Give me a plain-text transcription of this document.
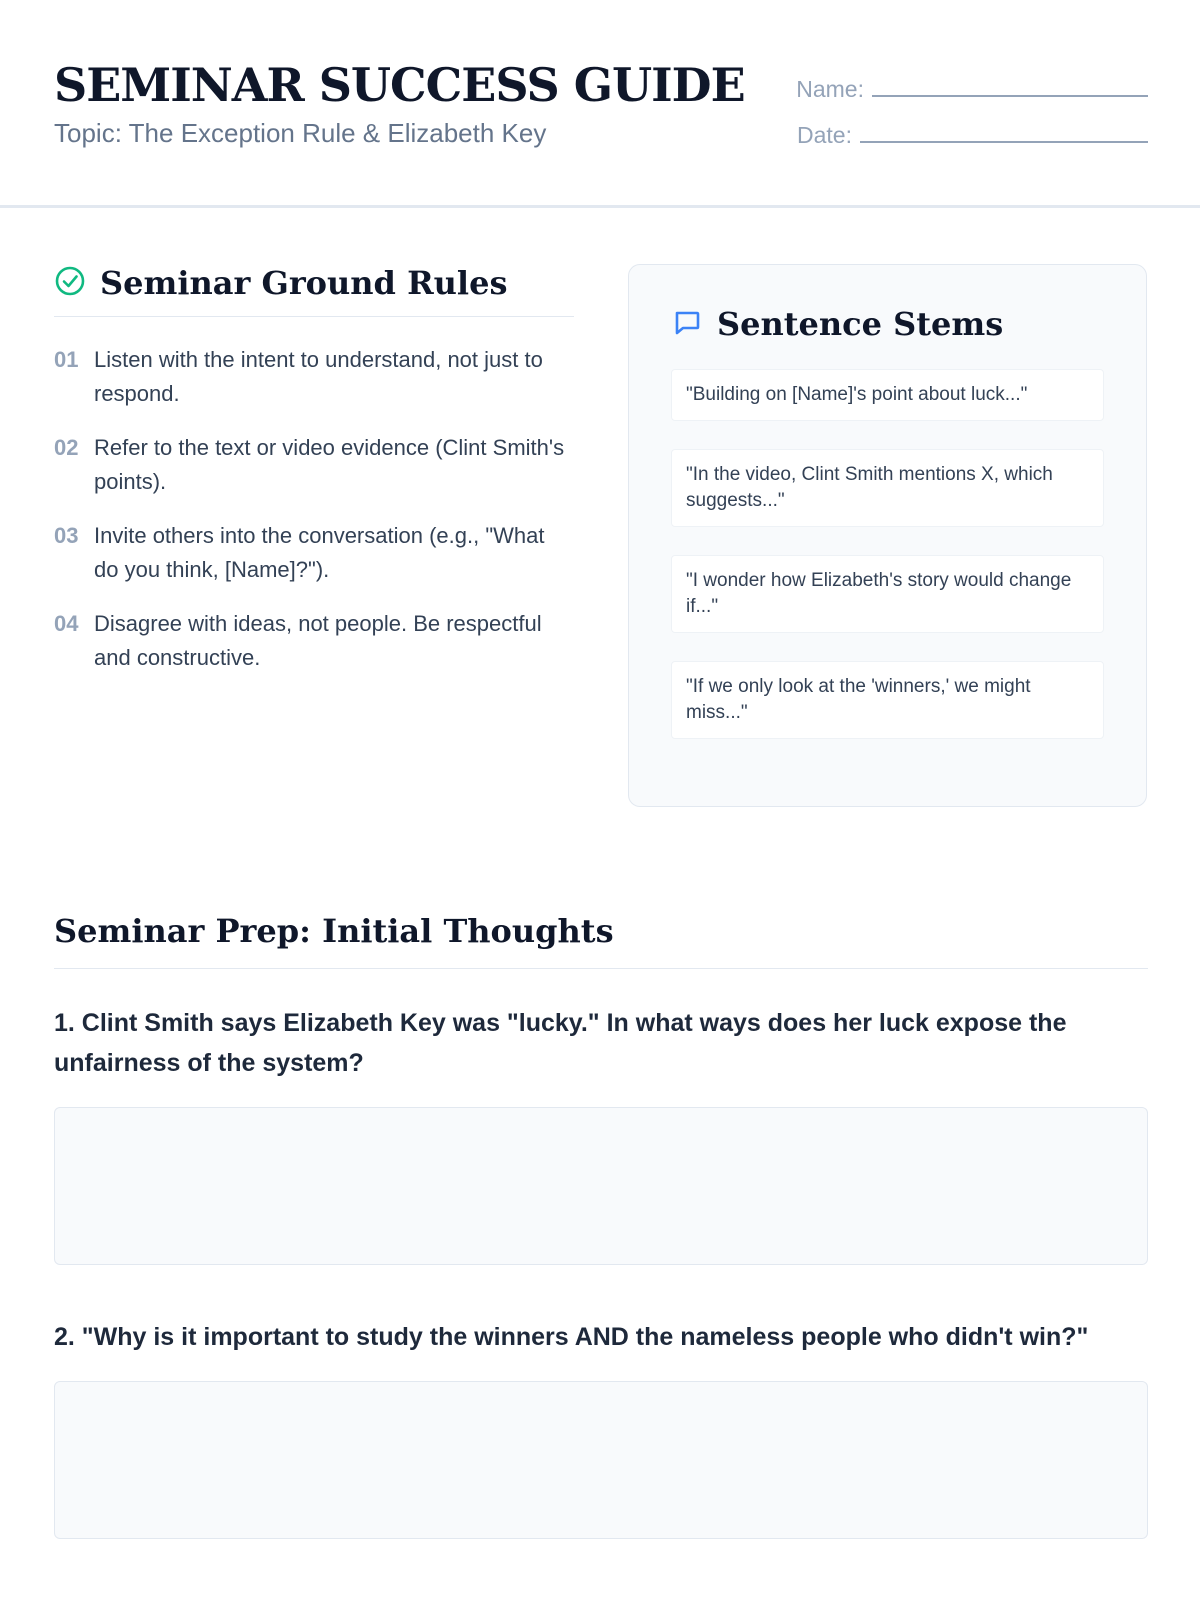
SEMINAR SUCCESS GUIDE
Topic: The Exception Rule & Elizabeth Key
Name:
Date:
Seminar Ground Rules
01 Listen with the intent to understand, not just to respond.
02 Refer to the text or video evidence (Clint Smith's points).
03 Invite others into the conversation (e.g., "What do you think, [Name]?").
04 Disagree with ideas, not people. Be respectful and constructive.
Sentence Stems
"Building on [Name]'s point about luck..."
"In the video, Clint Smith mentions X, which suggests..."
"I wonder how Elizabeth's story would change if..."
"If we only look at the 'winners,' we might miss..."
Seminar Prep: Initial Thoughts

1. Clint Smith says Elizabeth Key was "lucky." In what ways does her luck expose the unfairness of the system?

2. "Why is it important to study the winners AND the nameless people who didn't win?"
